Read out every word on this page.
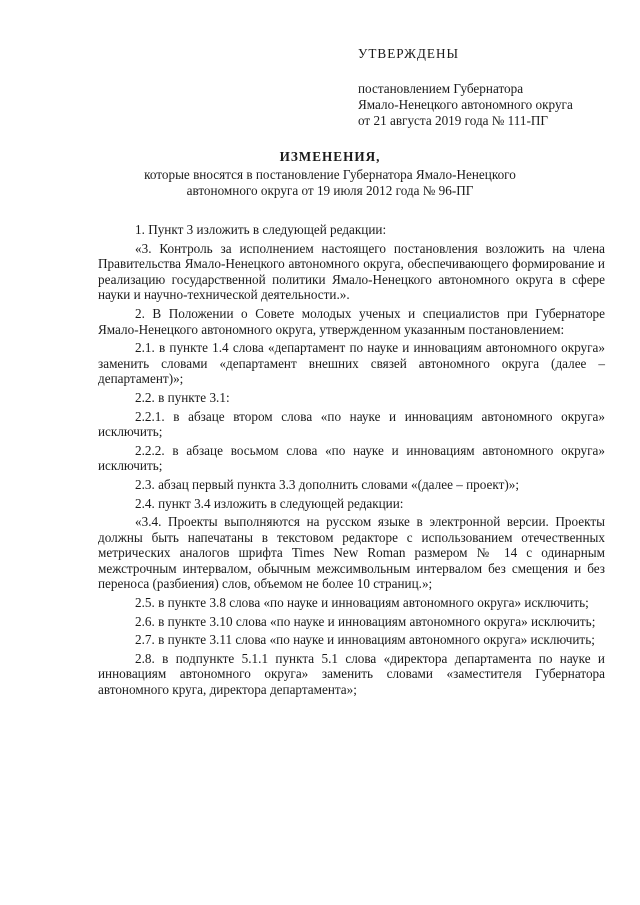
УТВЕРЖДЕНЫ
постановлением Губернатора
Ямало-Ненецкого автономного округа
от 21 августа 2019 года № 111-ПГ
ИЗМЕНЕНИЯ,
которые вносятся в постановление Губернатора Ямало-Ненецкого
автономного округа от 19 июля 2012 года № 96-ПГ

1. Пункт 3 изложить в следующей редакции:

«3. Контроль за исполнением настоящего постановления возложить на члена Правительства Ямало-Ненецкого автономного округа, обеспечивающего формирование и реализацию государственной политики Ямало-Ненецкого автономного округа в сфере науки и научно-технической деятельности.».

2. В Положении о Совете молодых ученых и специалистов при Губернаторе Ямало-Ненецкого автономного округа, утвержденном указанным постановлением:

2.1. в пункте 1.4 слова «департамент по науке и инновациям автономного округа» заменить словами «департамент внешних связей автономного округа (далее – департамент)»;

2.2. в пункте 3.1:

2.2.1. в абзаце втором слова «по науке и инновациям автономного округа» исключить;

2.2.2. в абзаце восьмом слова «по науке и инновациям автономного округа» исключить;

2.3. абзац первый пункта 3.3 дополнить словами «(далее – проект)»;

2.4. пункт 3.4 изложить в следующей редакции:

«3.4. Проекты выполняются на русском языке в электронной версии. Проекты должны быть напечатаны в текстовом редакторе с использованием отечественных метрических аналогов шрифта Times New Roman размером № 14 с одинарным межстрочным интервалом, обычным межсимвольным интервалом без смещения и без переноса (разбиения) слов, объемом не более 10 страниц.»;

2.5. в пункте 3.8 слова «по науке и инновациям автономного округа» исключить;

2.6. в пункте 3.10 слова «по науке и инновациям автономного округа» исключить;

2.7. в пункте 3.11 слова «по науке и инновациям автономного округа» исключить;

2.8. в подпункте 5.1.1 пункта 5.1 слова «директора департамента по науке и инновациям автономного округа» заменить словами «заместителя Губернатора автономного круга, директора департамента»;
